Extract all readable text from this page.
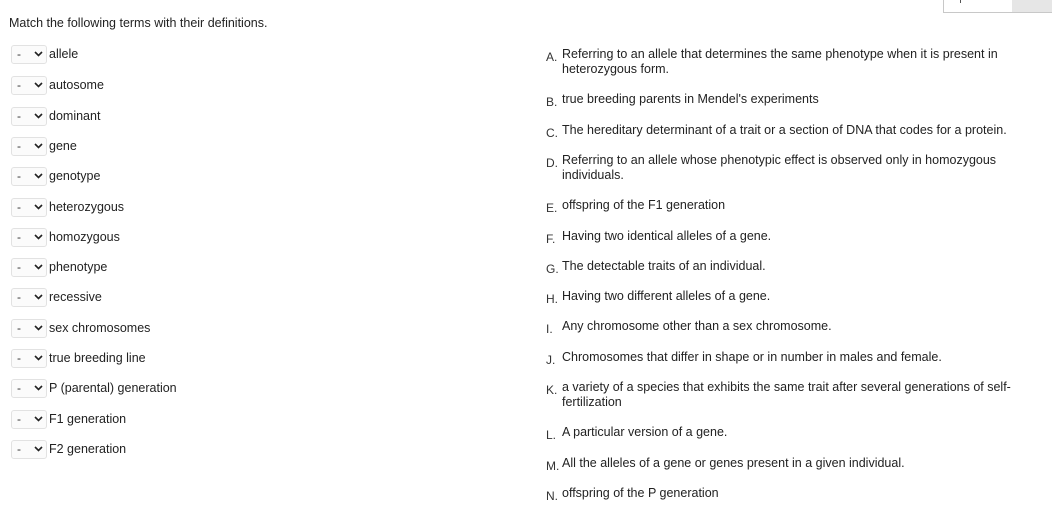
Match the following terms with their definitions.
- allele
- autosome
- dominant
- gene
- genotype
- heterozygous
- homozygous
- phenotype
- recessive
- sex chromosomes
- true breeding line
- P (parental) generation
- F1 generation
- F2 generation
A. Referring to an allele that determines the same phenotype when it is present in heterozygous form.
B. true breeding parents in Mendel's experiments
C. The hereditary determinant of a trait or a section of DNA that codes for a protein.
D. Referring to an allele whose phenotypic effect is observed only in homozygous individuals.
E. offspring of the F1 generation
F. Having two identical alleles of a gene.
G. The detectable traits of an individual.
H. Having two different alleles of a gene.
I. Any chromosome other than a sex chromosome.
J. Chromosomes that differ in shape or in number in males and female.
K. a variety of a species that exhibits the same trait after several generations of self-fertilization
L. A particular version of a gene.
M. All the alleles of a gene or genes present in a given individual.
N. offspring of the P generation
